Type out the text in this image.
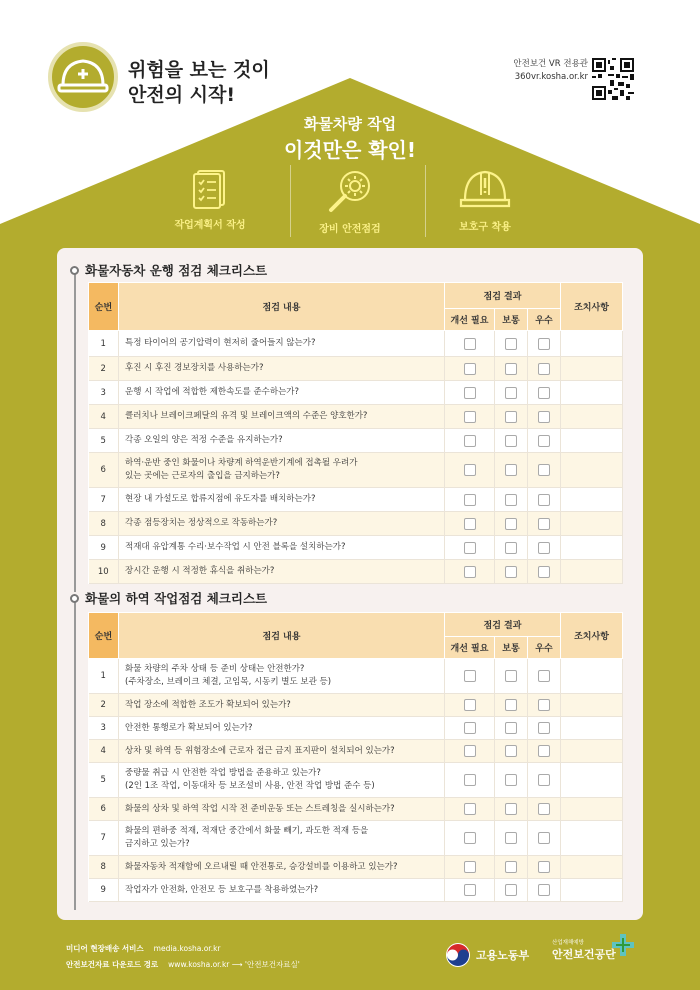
위험을 보는 것이
안전의 시작!
안전보건 VR 전용관
360vr.kosha.or.kr
화물차량 작업
이것만은 확인!
작업계획서 작성	장비 안전점검	보호구 착용
화물자동차 운행 점검 체크리스트
순번	점검 내용	점검 결과			조치사항
		개선 필요	보통	우수	
1	특정 타이어의 공기압력이 현저히 줄어들지 않는가?				

2	후진 시 후진 경보장치를 사용하는가?				

3	운행 시 작업에 적합한 제한속도를 준수하는가?				

4	클러치나 브레이크페달의 유격 및 브레이크액의 수준은 양호한가?				

5	각종 오일의 양은 적정 수준을 유지하는가?				

6	하역·운반 중인 화물이나 차량계 하역운반기계에 접촉될 우려가
있는 곳에는 근로자의 출입을 금지하는가?				

7	현장 내 가설도로 합류지점에 유도자를 배치하는가?				

8	각종 점등장치는 정상적으로 작동하는가?				

9	적재대 유압계통 수리·보수작업 시 안전 블록을 설치하는가?				

10	장시간 운행 시 적정한 휴식을 취하는가?				

화물의 하역 작업점검 체크리스트
순번	점검 내용	점검 결과			조치사항
		개선 필요	보통	우수	
1	화물 차량의 주차 상태 등 준비 상태는 안전한가?
(주차장소, 브레이크 체결, 고임목, 시동키 별도 보관 등)				

2	작업 장소에 적합한 조도가 확보되어 있는가?				

3	안전한 통행로가 확보되어 있는가?				

4	상차 및 하역 등 위험장소에 근로자 접근 금지 표지판이 설치되어 있는가?				

5	중량물 취급 시 안전한 작업 방법을 준용하고 있는가?
(2인 1조 작업, 이동대차 등 보조설비 사용, 안전 작업 방법 준수 등)				

6	화물의 상차 및 하역 작업 시작 전 준비운동 또는 스트레칭을 실시하는가?				

7	화물의 편하중 적재, 적재단 중간에서 화물 빼기, 과도한 적재 등을
금지하고 있는가?				

8	화물자동차 적재함에 오르내릴 때 안전통로, 승강설비를 이용하고 있는가?				

9	작업자가 안전화, 안전모 등 보호구를 착용하였는가?				

미디어 현장배송 서비스 media.kosha.or.kr
안전보건자료 다운로드 경로 www.kosha.or.kr ⟶ '안전보건자료실'
고용노동부
산업재해예방
안전보건공단
